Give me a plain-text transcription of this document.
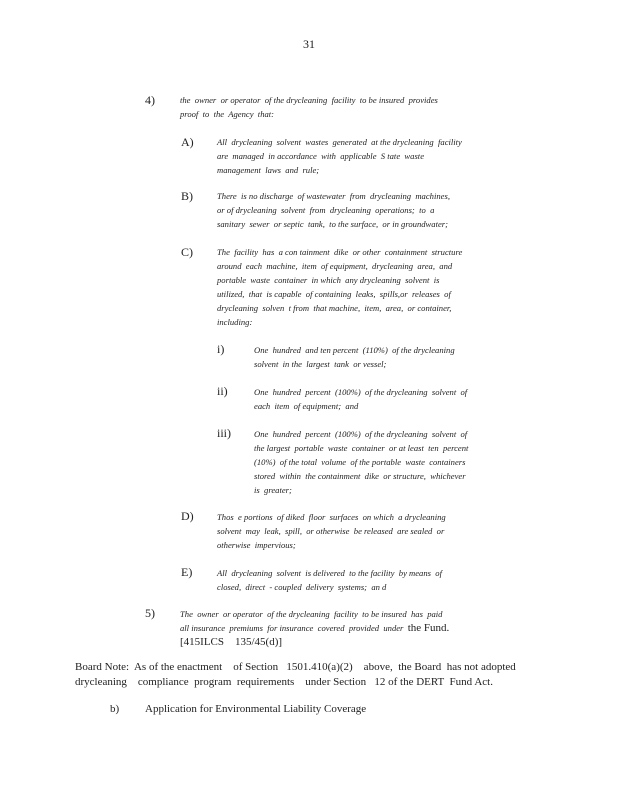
31
4)	the  owner  or operator  of the drycleaning  facility  to be insured  provides
proof  to  the  Agency  that:
A)	All  drycleaning  solvent  wastes  generated  at the drycleaning  facility
are  managed  in accordance  with  applicable  S tate  waste
management  laws  and  rule;
B)	There  is no discharge  of wastewater  from  drycleaning  machines,
or of drycleaning  solvent  from  drycleaning  operations;  to  a
sanitary  sewer  or septic  tank,  to the surface,  or in groundwater;
C)	The  facility  has  a con tainment  dike  or other  containment  structure
around  each  machine,  item  of equipment,  drycleaning  area,  and
portable  waste  container  in which  any drycleaning  solvent  is
utilized,  that  is capable  of containing  leaks,  spills,or  releases  of
drycleaning  solven  t from  that machine,  item,  area,  or container,
including:
i)	One  hundred  and ten percent  (110%)  of the drycleaning
solvent  in the  largest  tank  or vessel;
ii)	One  hundred  percent  (100%)  of the drycleaning  solvent  of
each  item  of equipment;  and
iii)	One  hundred  percent  (100%)  of the drycleaning  solvent  of
the largest  portable  waste  container  or at least  ten  percent
(10%)  of the total  volume  of the portable  waste  containers
stored  within  the containment  dike  or structure,  whichever
is  greater;
D)	Thos  e portions  of diked  floor  surfaces  on which  a drycleaning
solvent  may  leak,  spill,  or otherwise  be released  are sealed  or
otherwise  impervious;
E)	All  drycleaning  solvent  is delivered  to the facility  by means  of
closed,  direct  - coupled  delivery  systems;  an d
5)	The  owner  or operator  of the drycleaning  facility  to be insured  has  paid
all insurance  premiums  for insurance  covered  provided  under the Fund.
[415ILCS    135/45(d)]
Board Note:  As of the enactment    of Section   1501.410(a)(2)    above,  the Board  has not adopted
drycleaning    compliance  program  requirements    under Section   12 of the DERT  Fund Act.
b) Application for Environmental Liability Coverage
